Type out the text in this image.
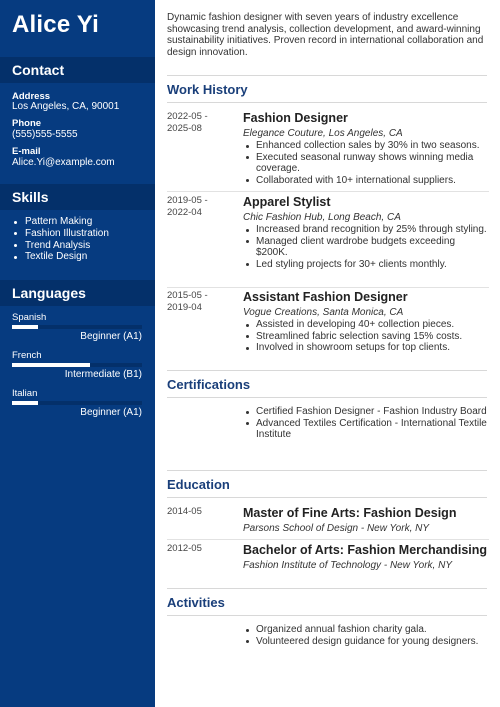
Alice Yi
Contact
Address
Los Angeles, CA, 90001
Phone
(555)555-5555
E-mail
Alice.Yi@example.com
Skills
Pattern Making
Fashion Illustration
Trend Analysis
Textile Design
Languages
Spanish
Beginner (A1)
French
Intermediate (B1)
Italian
Beginner (A1)
Dynamic fashion designer with seven years of industry excellence showcasing trend analysis, collection development, and award-winning sustainability initiatives. Proven record in international collaboration and design innovation.
Work History
2022-05 -
2025-08
Fashion Designer
Elegance Couture, Los Angeles, CA
Enhanced collection sales by 30% in two seasons.
Executed seasonal runway shows winning media coverage.
Collaborated with 10+ international suppliers.
2019-05 -
2022-04
Apparel Stylist
Chic Fashion Hub, Long Beach, CA
Increased brand recognition by 25% through styling.
Managed client wardrobe budgets exceeding $200K.
Led styling projects for 30+ clients monthly.
2015-05 -
2019-04
Assistant Fashion Designer
Vogue Creations, Santa Monica, CA
Assisted in developing 40+ collection pieces.
Streamlined fabric selection saving 15% costs.
Involved in showroom setups for top clients.
Certifications
Certified Fashion Designer - Fashion Industry Board
Advanced Textiles Certification - International Textile Institute
Education
2014-05	Master of Fine Arts: Fashion Design
Parsons School of Design - New York, NY
2012-05	Bachelor of Arts: Fashion Merchandising
Fashion Institute of Technology - New York, NY
Activities
Organized annual fashion charity gala.
Volunteered design guidance for young designers.
